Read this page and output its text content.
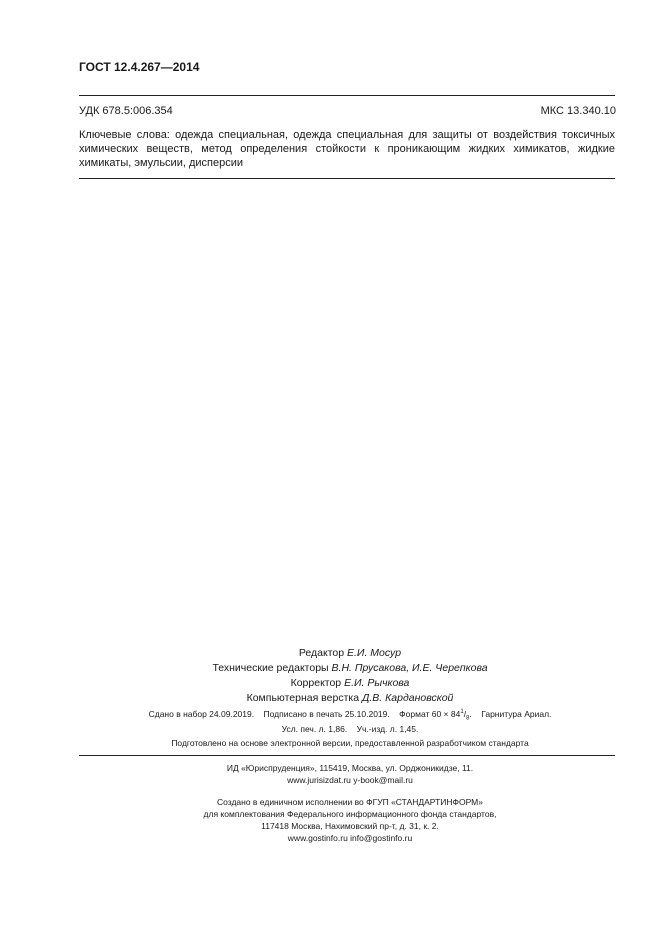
ГОСТ 12.4.267—2014
УДК 678.5:006.354	МКС 13.340.10
Ключевые слова: одежда специальная, одежда специальная для защиты от воздействия токсичных химических веществ, метод определения стойкости к проникающим жидких химикатов, жидкие химикаты, эмульсии, дисперсии
Редактор Е.И. Мосур
Технические редакторы В.Н. Прусакова, И.Е. Черепкова
Корректор Е.И. Рычкова
Компьютерная верстка Д.В. Кардановской
Сдано в набор 24.09.2019.    Подписано в печать 25.10.2019.    Формат $60 \times 84^1/_8$.    Гарнитура Ариал.
Усл. печ. л. 1,86.    Уч.-изд. л. 1,45.
Подготовлено на основе электронной версии, предоставленной разработчиком стандарта
ИД «Юриспруденция», 115419, Москва, ул. Орджоникидзе, 11.
www.jurisizdat.ru y-book@mail.ru
Создано в единичном исполнении во ФГУП «СТАНДАРТИНФОРМ»
для комплектования Федерального информационного фонда стандартов,
117418 Москва, Нахимовский пр-т, д. 31, к. 2.
www.gostinfo.ru info@gostinfo.ru
